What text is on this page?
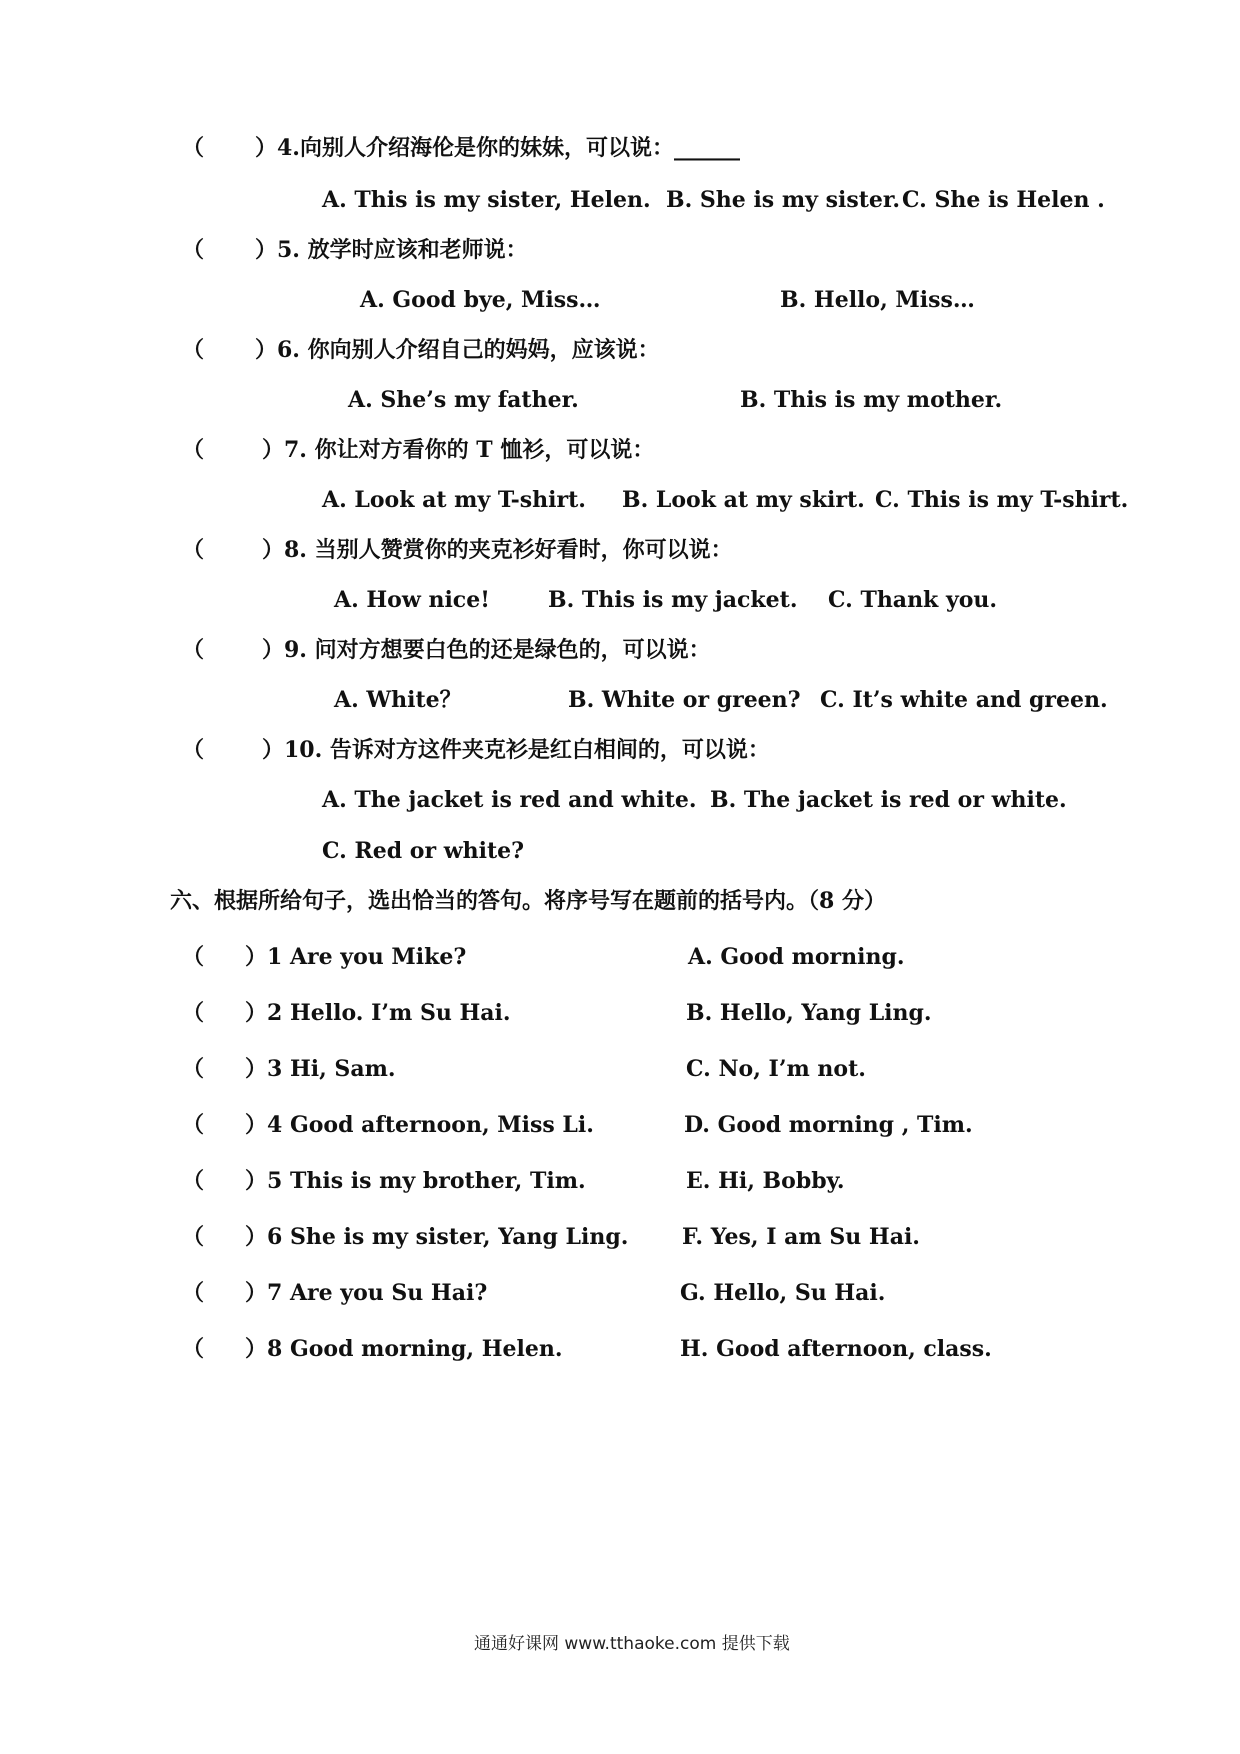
（ ）4.向别人介绍海伦是你的妹妹，可以说：______
A. This is my sister, Helen. B. She is my sister. C. She is Helen .
（ ）5. 放学时应该和老师说：
A. Good bye, Miss…	B. Hello, Miss…
（ ）6. 你向别人介绍自己的妈妈，应该说：
A. She’s my father.	B. This is my mother.
（	）7. 你让对方看你的 T 恤衫，可以说：
A. Look at my T-shirt. B. Look at my skirt. C. This is my T-shirt.
（	）8. 当别人赞赏你的夹克衫好看时，你可以说：
A. How nice!	B. This is my jacket. C. Thank you.
（	）9. 问对方想要白色的还是绿色的，可以说：
A. White？	B. White or green? C. It’s white and green.
（	）10. 告诉对方这件夹克衫是红白相间的，可以说：
A. The jacket is red and white. B. The jacket is red or white.
C. Red or white?
六、根据所给句子，选出恰当的答句。将序号写在题前的括号内。（8 分）
（ ）1 Are you Mike?	A. Good morning.
（ ）2 Hello. I’m Su Hai.	B. Hello, Yang Ling.
（ ）3 Hi, Sam.	C. No, I’m not.
（ ）4 Good afternoon, Miss Li.	D. Good morning , Tim.
（ ）5 This is my brother, Tim.	E. Hi, Bobby.
（ ）6 She is my sister, Yang Ling. F. Yes, I am Su Hai.
（ ）7 Are you Su Hai?	G. Hello, Su Hai.
（ ）8 Good morning, Helen.	H. Good afternoon, class.
通通好课网 www.tthaoke.com 提供下载
